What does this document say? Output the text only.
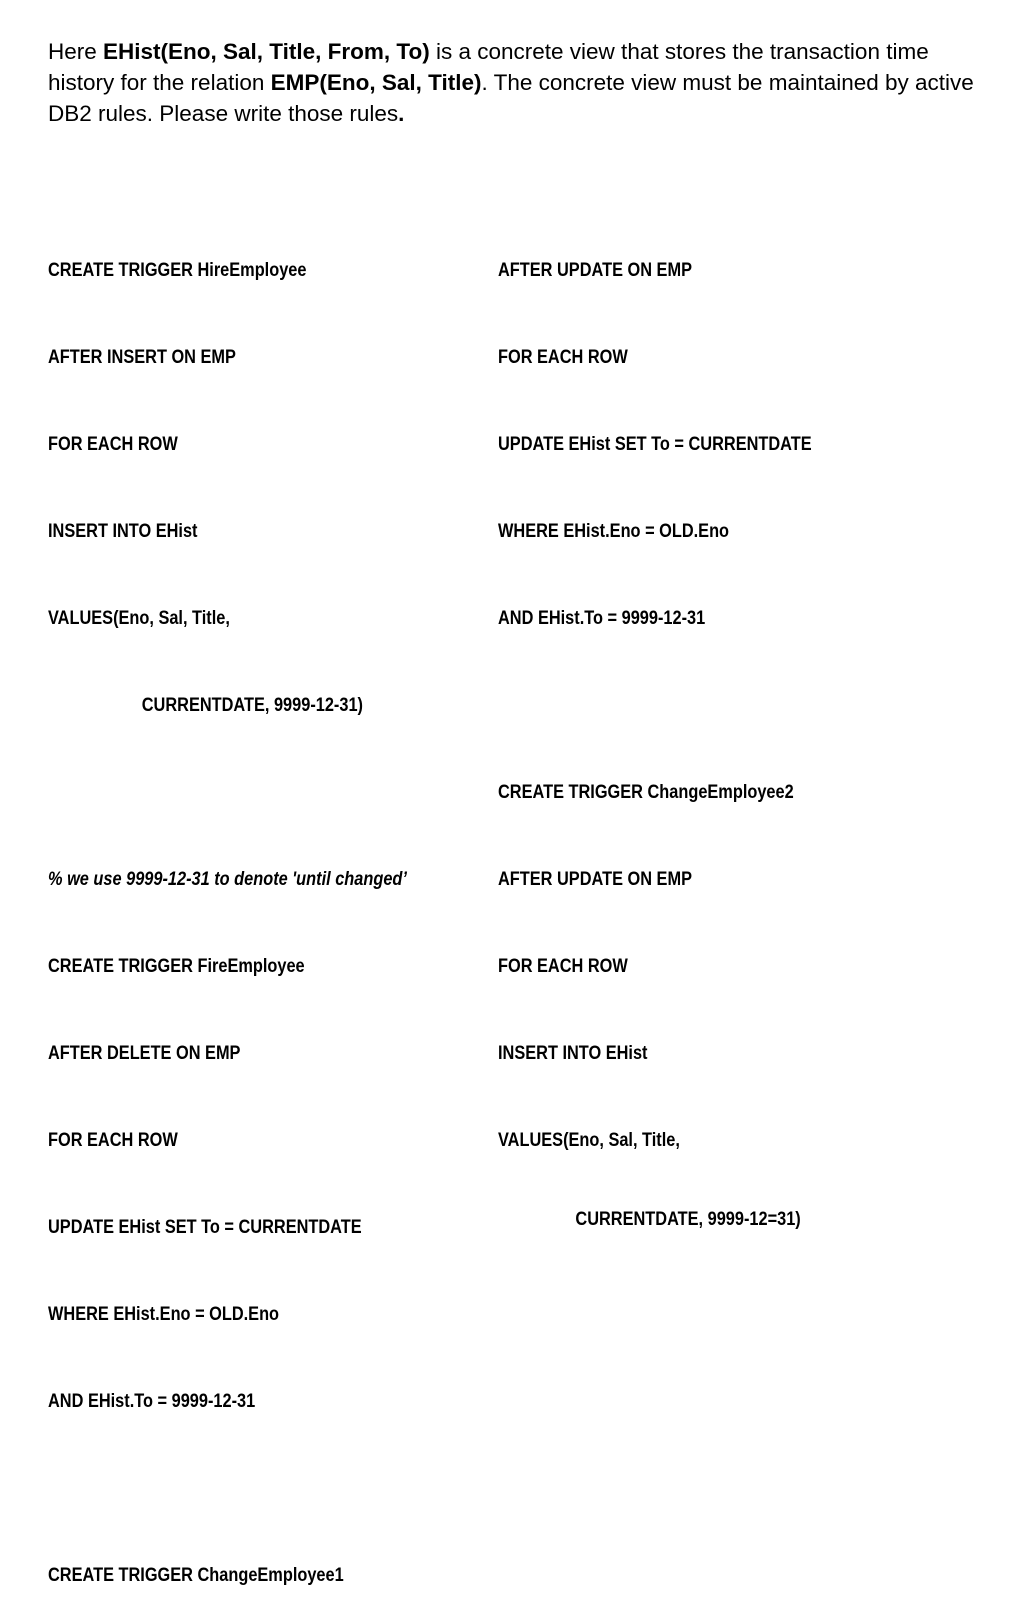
Here EHist(Eno, Sal, Title, From, To) is a concrete view that stores the transaction time history for the relation EMP(Eno, Sal, Title). The concrete view must be maintained by active DB2 rules. Please write those rules.

CREATE TRIGGER HireEmployee

AFTER INSERT ON EMP

FOR EACH ROW

INSERT INTO EHist

VALUES(Eno, Sal, Title,

CURRENTDATE, 9999-12-31)

% we use 9999-12-31 to denote 'until changed’

CREATE TRIGGER FireEmployee

AFTER DELETE ON EMP

FOR EACH ROW

UPDATE EHist SET To = CURRENTDATE

WHERE EHist.Eno = OLD.Eno

AND EHist.To = 9999-12-31

CREATE TRIGGER ChangeEmployee1

AFTER UPDATE ON EMP

FOR EACH ROW

UPDATE EHist SET To = CURRENTDATE

WHERE EHist.Eno = OLD.Eno

AND EHist.To = 9999-12-31

CREATE TRIGGER ChangeEmployee2

AFTER UPDATE ON EMP

FOR EACH ROW

INSERT INTO EHist

VALUES(Eno, Sal, Title,

CURRENTDATE, 9999-12=31)
